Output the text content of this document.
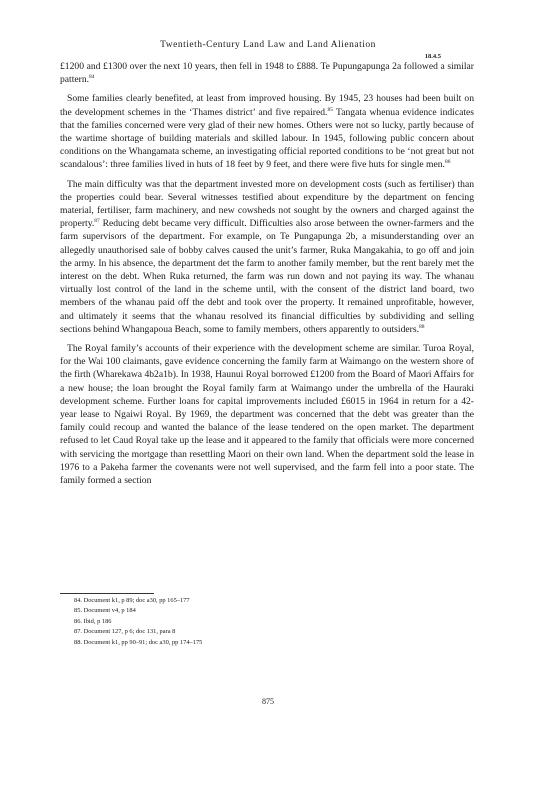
Twentieth-Century Land Law and Land Alienation
18.4.5

£1200 and £1300 over the next 10 years, then fell in 1948 to £888. Te Pupungapunga 2a followed a similar pattern.$^{84}$

Some families clearly benefited, at least from improved housing. By 1945, 23 houses had been built on the development schemes in the ‘Thames district’ and five repaired.$^{85}$ Tangata whenua evidence indicates that the families concerned were very glad of their new homes. Others were not so lucky, partly because of the wartime shortage of building materials and skilled labour. In 1945, following public concern about conditions on the Whangamata scheme, an investigating official reported conditions to be ‘not great but not scandalous’: three families lived in huts of 18 feet by 9 feet, and there were five huts for single men.$^{86}$

The main difficulty was that the department invested more on development costs (such as fertiliser) than the properties could bear. Several witnesses testified about expenditure by the department on fencing material, fertiliser, farm machinery, and new cowsheds not sought by the owners and charged against the property.$^{87}$ Reducing debt became very difficult. Difficulties also arose between the owner-farmers and the farm supervisors of the department. For example, on Te Pungapunga 2b, a misunderstanding over an allegedly unauthorised sale of bobby calves caused the unit’s farmer, Ruka Mangakahia, to go off and join the army. In his absence, the department det the farm to another family member, but the rent barely met the interest on the debt. When Ruka returned, the farm was run down and not paying its way. The whanau virtually lost control of the land in the scheme until, with the consent of the district land board, two members of the whanau paid off the debt and took over the property. It remained unprofitable, however, and ultimately it seems that the whanau resolved its financial difficulties by subdividing and selling sections behind Whangapoua Beach, some to family members, others apparently to outsiders.$^{88}$

The Royal family’s accounts of their experience with the development scheme are similar. Turoa Royal, for the Wai 100 claimants, gave evidence concerning the family farm at Waimango on the western shore of the firth (Wharekawa 4b2a1b). In 1938, Haunui Royal borrowed £1200 from the Board of Maori Affairs for a new house; the loan brought the Royal family farm at Waimango under the umbrella of the Hauraki development scheme. Further loans for capital improvements included £6015 in 1964 in return for a 42-year lease to Ngaiwi Royal. By 1969, the department was concerned that the debt was greater than the family could recoup and wanted the balance of the lease tendered on the open market. The department refused to let Caud Royal take up the lease and it appeared to the family that officials were more concerned with servicing the mortgage than resettling Maori on their own land. When the department sold the lease in 1976 to a Pakeha farmer the covenants were not well supervised, and the farm fell into a poor state. The family formed a section

84. Document k1, p 89; doc a30, pp 165–177
85. Document v4, p 184
86. Ibid, p 186
87. Document 127, p 6; doc 131, para 8
88. Document k1, pp 90–91; doc a30, pp 174–175
875
